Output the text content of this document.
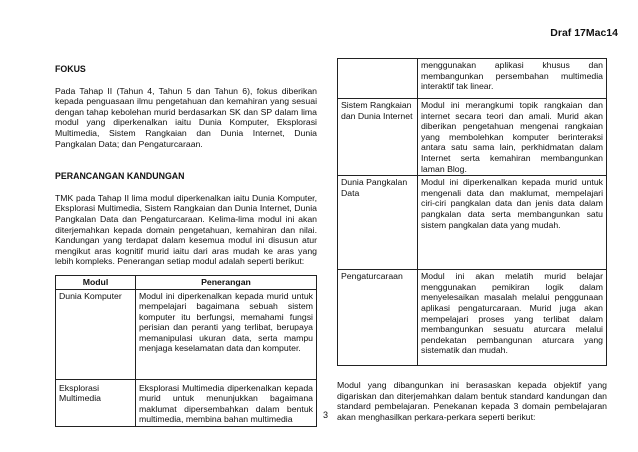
Draf 17Mac14

FOKUS

Pada Tahap II (Tahun 4, Tahun 5 dan Tahun 6), fokus diberikan kepada penguasaan ilmu pengetahuan dan kemahiran yang sesuai dengan tahap kebolehan murid berdasarkan SK dan SP dalam lima modul yang diperkenalkan iaitu Dunia Komputer, Eksplorasi Multimedia, Sistem Rangkaian dan Dunia Internet, Dunia Pangkalan Data; dan Pengaturcaraan.

PERANCANGAN KANDUNGAN

TMK pada Tahap II lima modul diperkenalkan iaitu Dunia Komputer, Eksplorasi Multimedia, Sistem Rangkaian dan Dunia Internet, Dunia Pangkalan Data dan Pengaturcaraan. Kelima-lima modul ini akan diterjemahkan kepada domain pengetahuan, kemahiran dan nilai. Kandungan yang terdapat dalam kesemua modul ini disusun atur mengikut aras kognitif murid iaitu dari aras mudah ke aras yang lebih kompleks. Penerangan setiap modul adalah seperti berikut:

Modul	Penerangan
Dunia Komputer	Modul ini diperkenalkan kepada murid untuk mempelajari bagaimana sebuah sistem komputer itu berfungsi, memahami fungsi perisian dan peranti yang terlibat, berupaya memanipulasi ukuran data, serta mampu menjaga keselamatan data dan komputer.
Eksplorasi Multimedia	Eksplorasi Multimedia diperkenalkan kepada murid untuk menunjukkan bagaimana maklumat dipersembahkan dalam bentuk multimedia, membina bahan multimedia
	menggunakan aplikasi khusus dan membangunkan persembahan multimedia interaktif tak linear.
Sistem Rangkaian dan Dunia Internet	Modul ini merangkumi topik rangkaian dan internet secara teori dan amali. Murid akan diberikan pengetahuan mengenai rangkaian yang membolehkan komputer berinteraksi antara satu sama lain, perkhidmatan dalam Internet serta kemahiran membangunkan laman Blog.
Dunia Pangkalan Data	Modul ini diperkenalkan kepada murid untuk mengenali data dan maklumat, mempelajari ciri-ciri pangkalan data dan jenis data dalam pangkalan data serta membangunkan satu sistem pangkalan data yang mudah.
Pengaturcaraan	Modul ini akan melatih murid belajar menggunakan pemikiran logik dalam menyelesaikan masalah melalui penggunaan aplikasi pengaturcaraan. Murid juga akan mempelajari proses yang terlibat dalam membangunkan sesuatu aturcara melalui pendekatan pembangunan aturcara yang sistematik dan mudah.

Modul yang dibangunkan ini berasaskan kepada objektif yang digariskan dan diterjemahkan dalam bentuk standard kandungan dan standard pembelajaran. Penekanan kepada 3 domain pembelajaran akan menghasilkan perkara-perkara seperti berikut:

3
